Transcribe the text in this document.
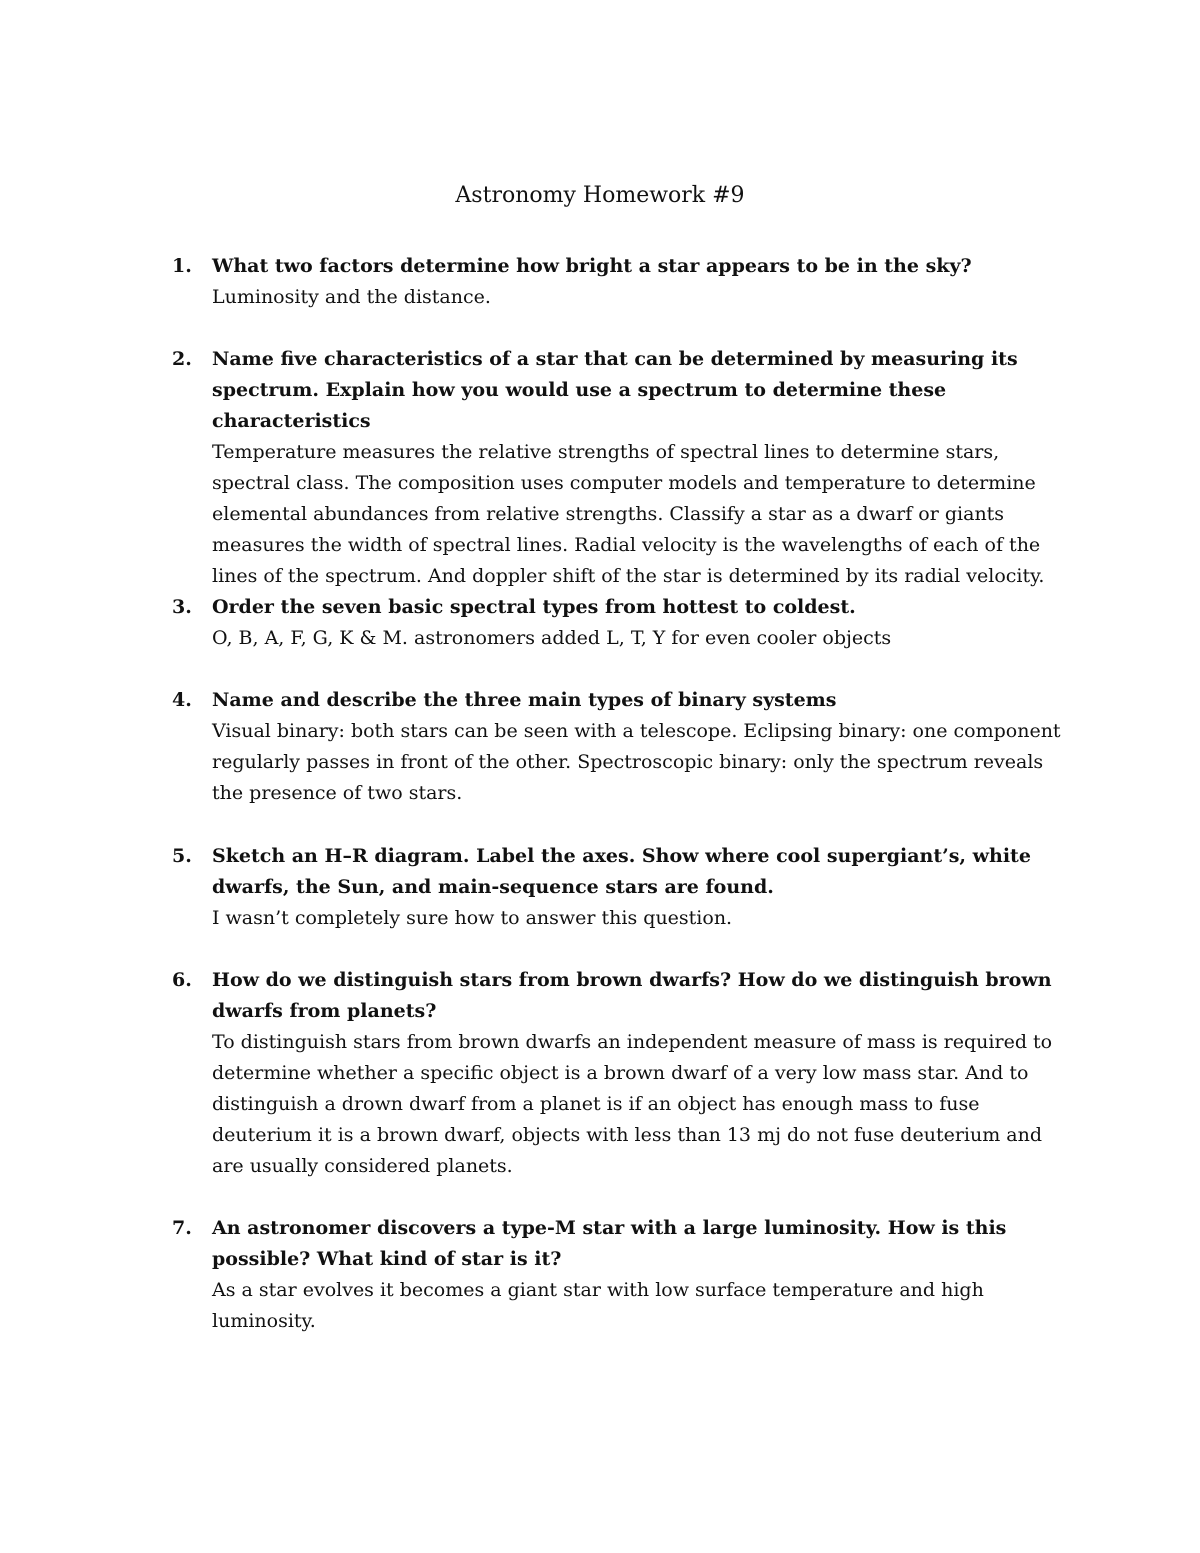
Astronomy Homework #9
1.	What two factors determine how bright a star appears to be in the sky?

Luminosity and the distance.

2.	Name five characteristics of a star that can be determined by measuring its spectrum. Explain how you would use a spectrum to determine these characteristics

Temperature measures the relative strengths of spectral lines to determine stars, spectral class. The composition uses computer models and temperature to determine elemental abundances from relative strengths. Classify a star as a dwarf or giants measures the width of spectral lines. Radial velocity is the wavelengths of each of the lines of the spectrum. And doppler shift of the star is determined by its radial velocity.

3.	Order the seven basic spectral types from hottest to coldest.

O, B, A, F, G, K & M. astronomers added L, T, Y for even cooler objects

4.	Name and describe the three main types of binary systems

Visual binary: both stars can be seen with a telescope. Eclipsing binary: one component regularly passes in front of the other. Spectroscopic binary: only the spectrum reveals the presence of two stars.

5.	Sketch an H–R diagram. Label the axes. Show where cool supergiant’s, white dwarfs, the Sun, and main-sequence stars are found.

I wasn’t completely sure how to answer this question.

6.	How do we distinguish stars from brown dwarfs? How do we distinguish brown dwarfs from planets?

To distinguish stars from brown dwarfs an independent measure of mass is required to determine whether a specific object is a brown dwarf of a very low mass star. And to distinguish a drown dwarf from a planet is if an object has enough mass to fuse deuterium it is a brown dwarf, objects with less than 13 mj do not fuse deuterium and are usually considered planets.

7.	An astronomer discovers a type-M star with a large luminosity. How is this possible? What kind of star is it?

As a star evolves it becomes a giant star with low surface temperature and high luminosity.
